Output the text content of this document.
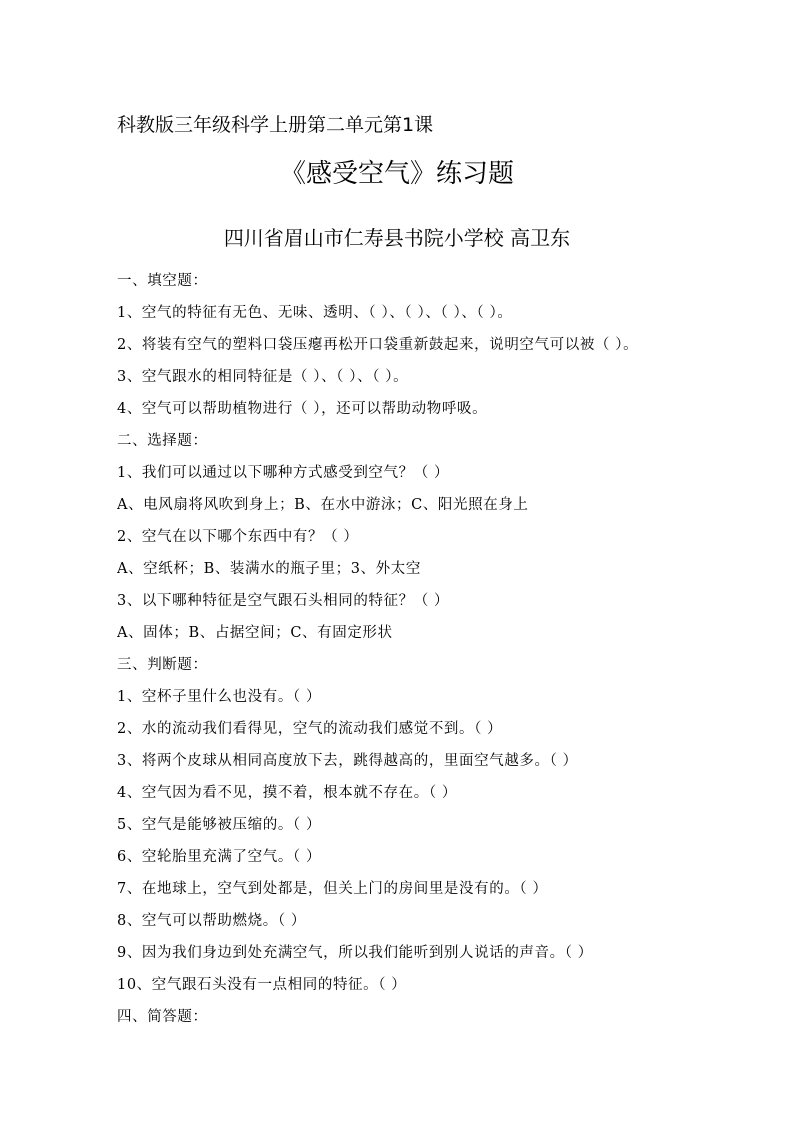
科教版三年级科学上册第二单元第1课
《感受空气》练习题
四川省眉山市仁寿县书院小学校 高卫东
一、填空题：
1、空气的特征有无色、无味、透明、（ ）、（ ）、（ ）、（ ）。
2、将装有空气的塑料口袋压瘪再松开口袋重新鼓起来，说明空气可以被（ ）。
3、空气跟水的相同特征是（ ）、（ ）、（ ）。
4、空气可以帮助植物进行（ ），还可以帮助动物呼吸。
二、选择题：
1、我们可以通过以下哪种方式感受到空气？（ ）
A、电风扇将风吹到身上；B、在水中游泳；C、阳光照在身上
2、空气在以下哪个东西中有？（ ）
A、空纸杯；B、装满水的瓶子里；3、外太空
3、以下哪种特征是空气跟石头相同的特征？（ ）
A、固体；B、占据空间；C、有固定形状
三、判断题：
1、空杯子里什么也没有。（ ）
2、水的流动我们看得见，空气的流动我们感觉不到。（ ）
3、将两个皮球从相同高度放下去，跳得越高的，里面空气越多。（ ）
4、空气因为看不见，摸不着，根本就不存在。（ ）
5、空气是能够被压缩的。（ ）
6、空轮胎里充满了空气。（ ）
7、在地球上，空气到处都是，但关上门的房间里是没有的。（ ）
8、空气可以帮助燃烧。（ ）
9、因为我们身边到处充满空气，所以我们能听到别人说话的声音。（ ）
10、空气跟石头没有一点相同的特征。（ ）
四、简答题：
